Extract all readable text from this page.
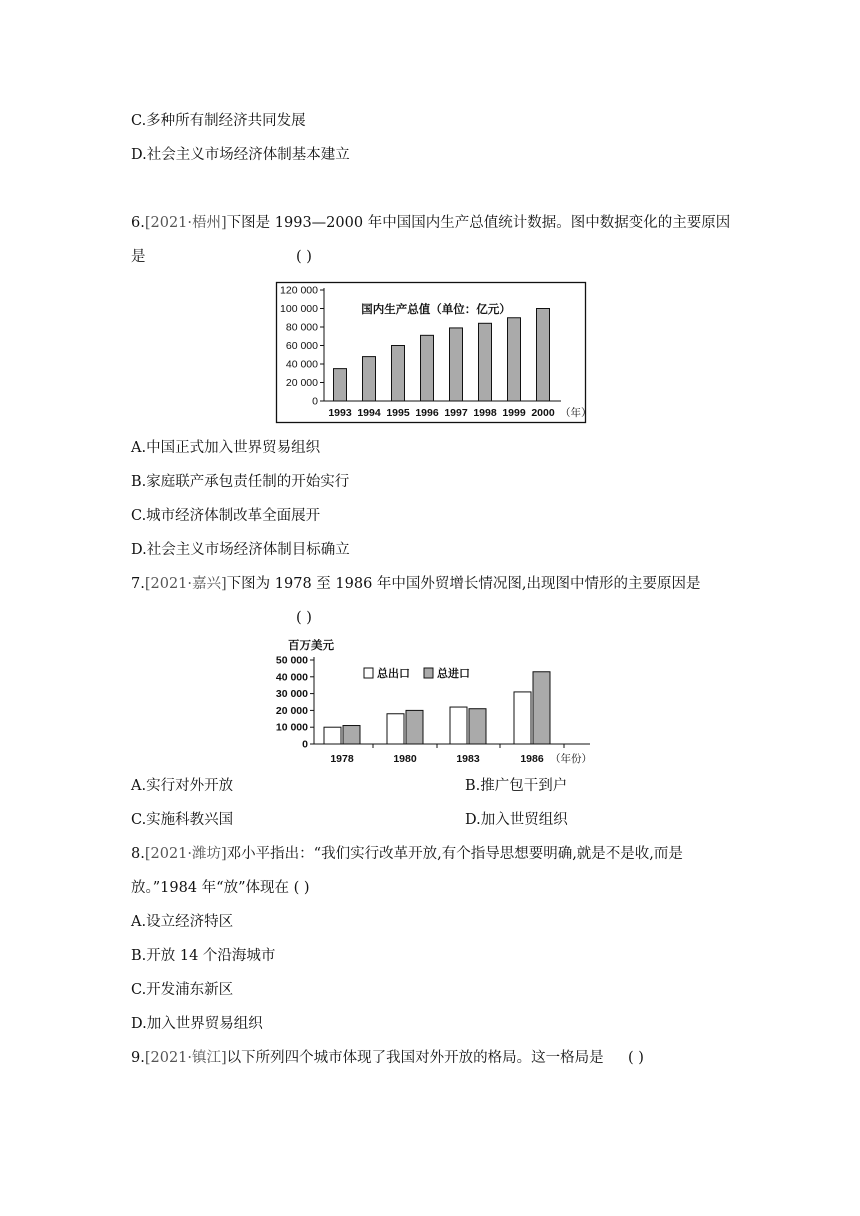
C.多种所有制经济共同发展
D.社会主义市场经济体制基本建立
6.[2021·梧州]下图是 1993—2000 年中国国内生产总值统计数据。图中数据变化的主要原因
是	( )
0
20 000
40 000
60 000
80 000
100 000
120 000
国内生产总值（单位：亿元）
1993 1994 1995 1996 1997 1998 1999 2000 （年）
A.中国正式加入世界贸易组织
B.家庭联产承包责任制的开始实行
C.城市经济体制改革全面展开
D.社会主义市场经济体制目标确立
7.[2021·嘉兴]下图为 1978 至 1986 年中国外贸增长情况图,出现图中情形的主要原因是
( )
百万美元
0
10 000
20 000
30 000
40 000
50 000
总出口 总进口
1978	1980	1983	1986 （年份）
A.实行对外开放	B.推广包干到户
C.实施科教兴国	D.加入世贸组织
8.[2021·潍坊]邓小平指出：“我们实行改革开放,有个指导思想要明确,就是不是收,而是
放。”1984 年“放”体现在 ( )
A.设立经济特区
B.开放 14 个沿海城市
C.开发浦东新区
D.加入世界贸易组织
9.[2021·镇江]以下所列四个城市体现了我国对外开放的格局。这一格局是 ( )
